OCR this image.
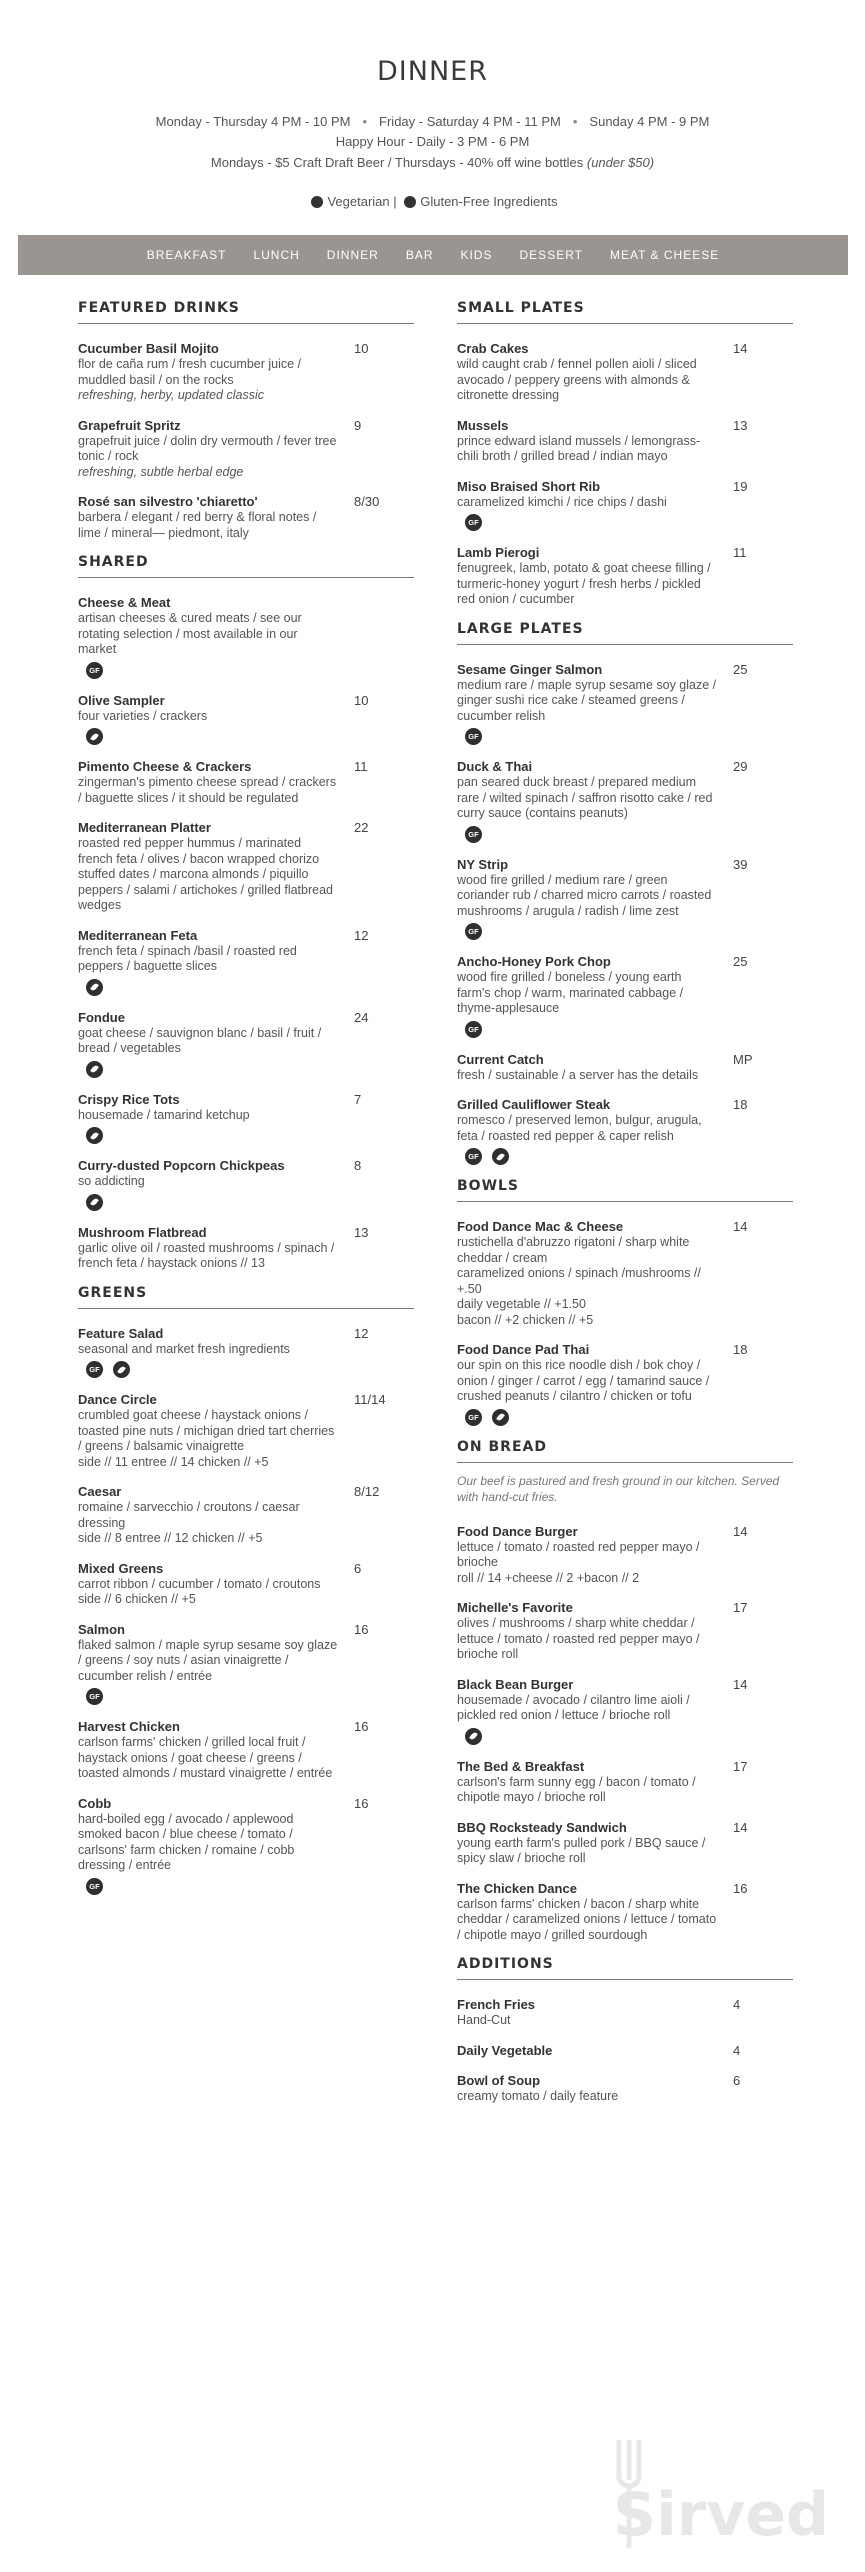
DINNER
Monday - Thursday 4 PM - 10 PM • Friday - Saturday 4 PM - 11 PM • Sunday 4 PM - 9 PM
Happy Hour - Daily - 3 PM - 6 PM
Mondays - $5 Craft Draft Beer / Thursdays - 40% off wine bottles (under $50)
Vegetarian | Gluten-Free Ingredients
BREAKFAST LUNCH DINNER BAR KIDS DESSERT MEAT & CHEESE
FEATURED DRINKS
Cucumber Basil Mojito	10
flor de caña rum / fresh cucumber juice / muddled basil / on the rocks
refreshing, herby, updated classic
Grapefruit Spritz	9
grapefruit juice / dolin dry vermouth / fever tree tonic / rock
refreshing, subtle herbal edge
Rosé san silvestro 'chiaretto'	8/30
barbera / elegant / red berry & floral notes / lime / mineral— piedmont, italy
SHARED
Cheese & Meat
artisan cheeses & cured meats / see our rotating selection / most available in our market
GF
Olive Sampler	10
four varieties / crackers
Pimento Cheese & Crackers	11
zingerman's pimento cheese spread / crackers / baguette slices / it should be regulated
Mediterranean Platter	22
roasted red pepper hummus / marinated french feta / olives / bacon wrapped chorizo stuffed dates / marcona almonds / piquillo peppers / salami / artichokes / grilled flatbread wedges
Mediterranean Feta	12
french feta / spinach /basil / roasted red peppers / baguette slices
Fondue	24
goat cheese / sauvignon blanc / basil / fruit / bread / vegetables
Crispy Rice Tots	7
housemade / tamarind ketchup
Curry-dusted Popcorn Chickpeas	8
so addicting
Mushroom Flatbread	13
garlic olive oil / roasted mushrooms / spinach / french feta / haystack onions // 13
GREENS
Feature Salad	12
seasonal and market fresh ingredients
GF
Dance Circle	11/14
crumbled goat cheese / haystack onions / toasted pine nuts / michigan dried tart cherries / greens / balsamic vinaigrette
side // 11 entree // 14 chicken // +5
Caesar	8/12
romaine / sarvecchio / croutons / caesar dressing
side // 8 entree // 12 chicken // +5
Mixed Greens	6
carrot ribbon / cucumber / tomato / croutons
side // 6 chicken // +5
Salmon	16
flaked salmon / maple syrup sesame soy glaze / greens / soy nuts / asian vinaigrette / cucumber relish / entrée
GF
Harvest Chicken	16
carlson farms' chicken / grilled local fruit / haystack onions / goat cheese / greens / toasted almonds / mustard vinaigrette / entrée
Cobb	16
hard-boiled egg / avocado / applewood smoked bacon / blue cheese / tomato / carlsons' farm chicken / romaine / cobb dressing / entrée
GF
SMALL PLATES
Crab Cakes	14
wild caught crab / fennel pollen aioli / sliced avocado / peppery greens with almonds & citronette dressing
Mussels	13
prince edward island mussels / lemongrass-chili broth / grilled bread / indian mayo
Miso Braised Short Rib	19
caramelized kimchi / rice chips / dashi
GF
Lamb Pierogi	11
fenugreek, lamb, potato & goat cheese filling / turmeric-honey yogurt / fresh herbs / pickled red onion / cucumber
LARGE PLATES
Sesame Ginger Salmon	25
medium rare / maple syrup sesame soy glaze / ginger sushi rice cake / steamed greens / cucumber relish
GF
Duck & Thai	29
pan seared duck breast / prepared medium rare / wilted spinach / saffron risotto cake / red curry sauce (contains peanuts)
GF
NY Strip	39
wood fire grilled / medium rare / green coriander rub / charred micro carrots / roasted mushrooms / arugula / radish / lime zest
GF
Ancho-Honey Pork Chop	25
wood fire grilled / boneless / young earth farm's chop / warm, marinated cabbage / thyme-applesauce
GF
Current Catch	MP
fresh / sustainable / a server has the details
Grilled Cauliflower Steak	18
romesco / preserved lemon, bulgur, arugula, feta / roasted red pepper & caper relish
GF
BOWLS
Food Dance Mac & Cheese	14
rustichella d'abruzzo rigatoni / sharp white cheddar / cream
caramelized onions / spinach /mushrooms // +.50
daily vegetable // +1.50
bacon // +2 chicken // +5
Food Dance Pad Thai	18
our spin on this rice noodle dish / bok choy / onion / ginger / carrot / egg / tamarind sauce / crushed peanuts / cilantro / chicken or tofu
GF
ON BREAD
Our beef is pastured and fresh ground in our kitchen. Served with hand-cut fries.
Food Dance Burger	14
lettuce / tomato / roasted red pepper mayo / brioche
roll // 14 +cheese // 2 +bacon // 2
Michelle's Favorite	17
olives / mushrooms / sharp white cheddar / lettuce / tomato / roasted red pepper mayo / brioche roll
Black Bean Burger	14
housemade / avocado / cilantro lime aioli / pickled red onion / lettuce / brioche roll
The Bed & Breakfast	17
carlson's farm sunny egg / bacon / tomato / chipotle mayo / brioche roll
BBQ Rocksteady Sandwich	14
young earth farm's pulled pork / BBQ sauce / spicy slaw / brioche roll
The Chicken Dance	16
carlson farms' chicken / bacon / sharp white cheddar / caramelized onions / lettuce / tomato / chipotle mayo / grilled sourdough
ADDITIONS
French Fries	4
Hand-Cut
Daily Vegetable	4
Bowl of Soup	6
creamy tomato / daily feature
Sirved
